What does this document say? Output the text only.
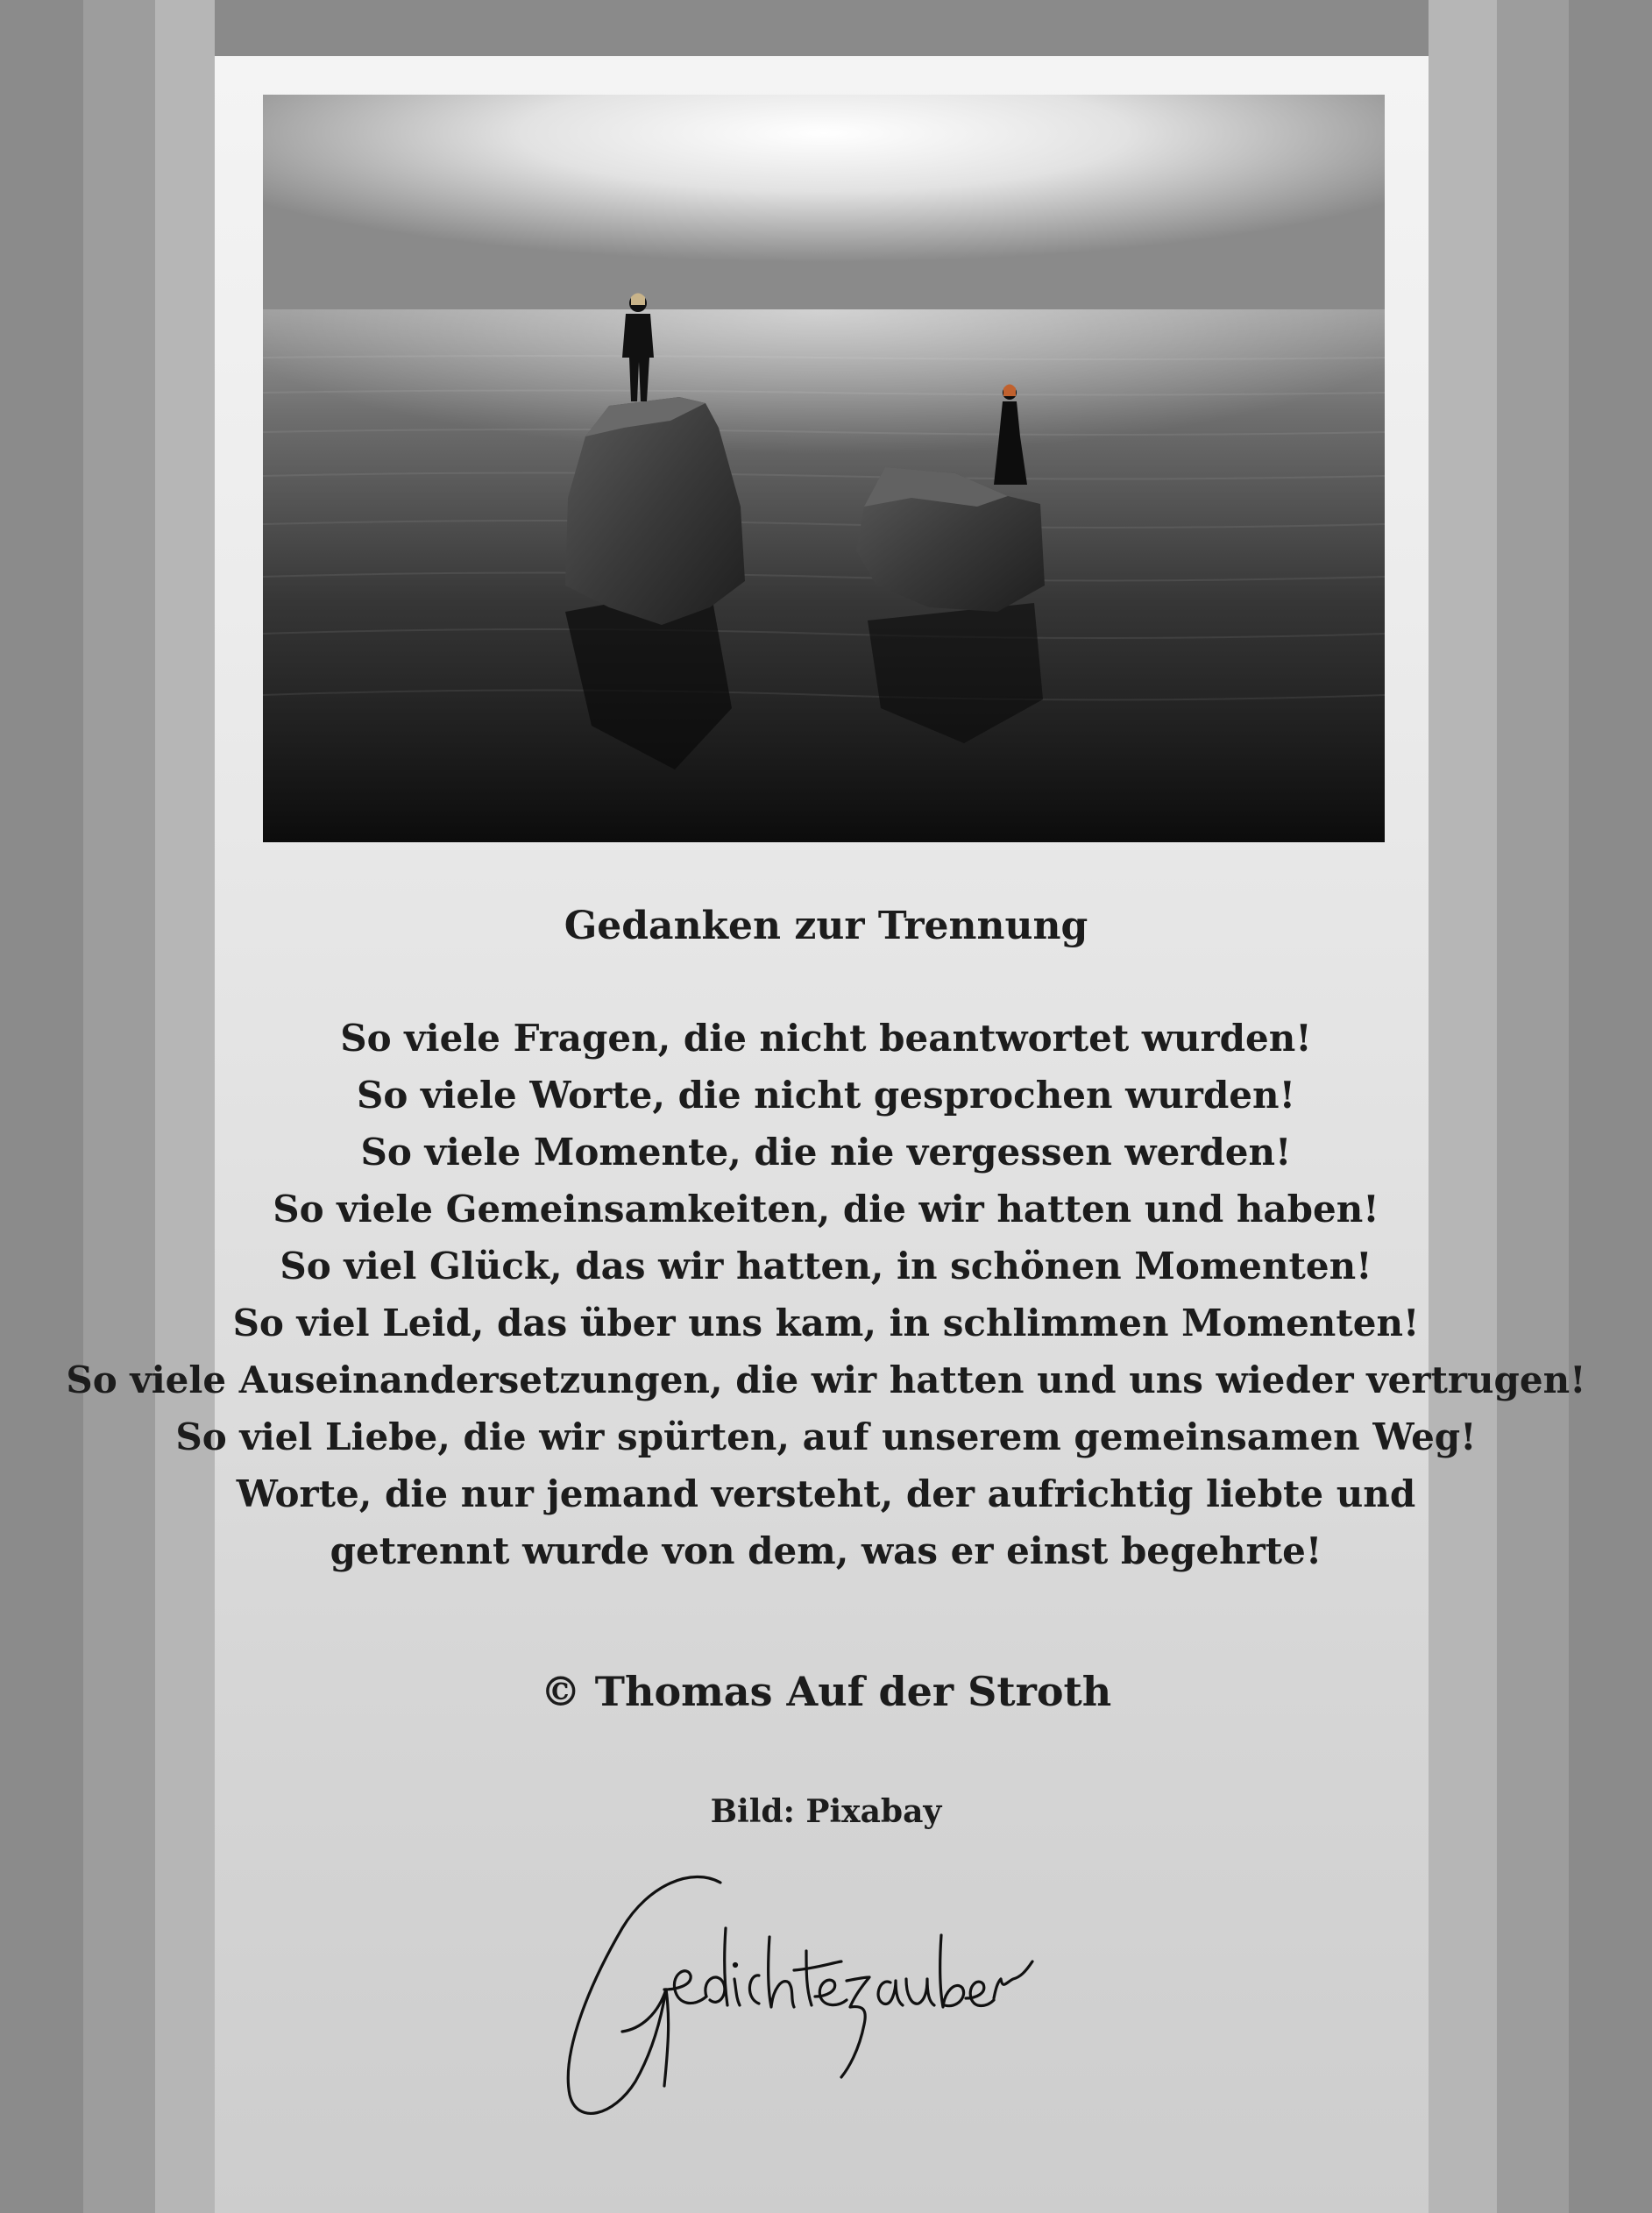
Gedanken zur Trennung
So viele Fragen, die nicht beantwortet wurden!
So viele Worte, die nicht gesprochen wurden!
So viele Momente, die nie vergessen werden!
So viele Gemeinsamkeiten, die wir hatten und haben!
So viel Glück, das wir hatten, in schönen Momenten!
So viel Leid, das über uns kam, in schlimmen Momenten!
So viele Auseinandersetzungen, die wir hatten und uns wieder vertrugen!
So viel Liebe, die wir spürten, auf unserem gemeinsamen Weg!
Worte, die nur jemand versteht, der aufrichtig liebte und
getrennt wurde von dem, was er einst begehrte!
© Thomas Auf der Stroth
Bild: Pixabay
